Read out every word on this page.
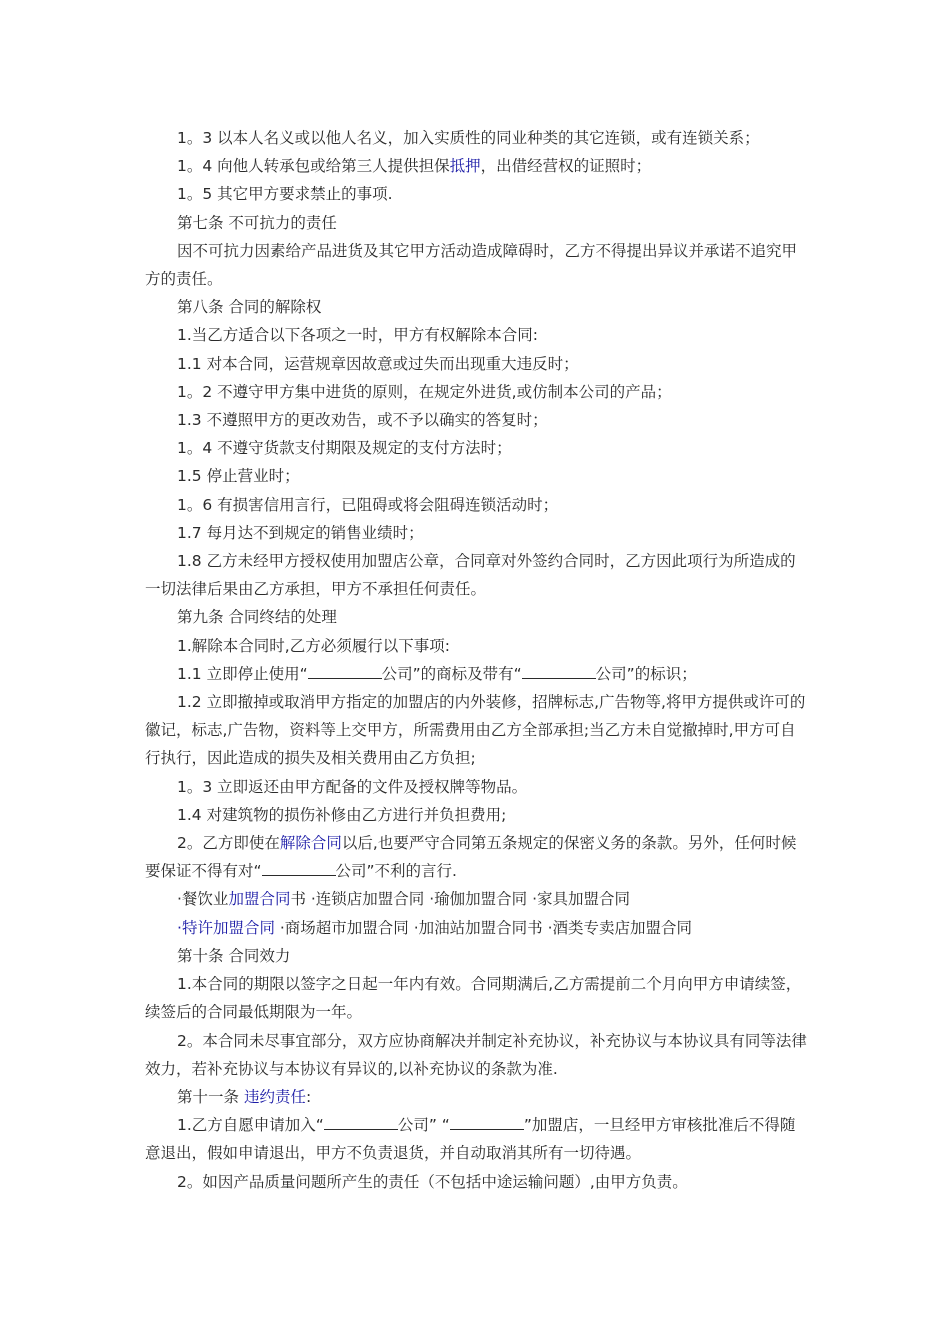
1。3 以本人名义或以他人名义，加入实质性的同业种类的其它连锁，或有连锁关系；

1。4 向他人转承包或给第三人提供担保抵押，出借经营权的证照时；

1。5 其它甲方要求禁止的事项.

第七条 不可抗力的责任

因不可抗力因素给产品进货及其它甲方活动造成障碍时，乙方不得提出异议并承诺不追究甲方的责任。

第八条 合同的解除权

1.当乙方适合以下各项之一时，甲方有权解除本合同:

1.1 对本合同，运营规章因故意或过失而出现重大违反时；

1。2 不遵守甲方集中进货的原则，在规定外进货,或仿制本公司的产品；

1.3 不遵照甲方的更改劝告，或不予以确实的答复时；

1。4 不遵守货款支付期限及规定的支付方法时；

1.5 停止营业时；

1。6 有损害信用言行，已阻碍或将会阻碍连锁活动时；

1.7 每月达不到规定的销售业绩时；

1.8 乙方未经甲方授权使用加盟店公章，合同章对外签约合同时，乙方因此项行为所造成的一切法律后果由乙方承担，甲方不承担任何责任。

第九条 合同终结的处理

1.解除本合同时,乙方必须履行以下事项:

1.1 立即停止使用“	公司”的商标及带有“	公司”的标识；

1.2 立即撤掉或取消甲方指定的加盟店的内外装修，招牌标志,广告物等,将甲方提供或许可的徽记，标志,广告物，资料等上交甲方，所需费用由乙方全部承担;当乙方未自觉撤掉时,甲方可自行执行，因此造成的损失及相关费用由乙方负担;

1。3 立即返还由甲方配备的文件及授权牌等物品。

1.4 对建筑物的损伤补修由乙方进行并负担费用;

2。乙方即使在解除合同以后,也要严守合同第五条规定的保密义务的条款。另外，任何时候要保证不得有对“	公司”不利的言行.

·餐饮业加盟合同书 ·连锁店加盟合同 ·瑜伽加盟合同 ·家具加盟合同

·特许加盟合同 ·商场超市加盟合同 ·加油站加盟合同书 ·酒类专卖店加盟合同

第十条 合同效力

1.本合同的期限以签字之日起一年内有效。合同期满后,乙方需提前二个月向甲方申请续签，续签后的合同最低期限为一年。

2。本合同未尽事宜部分，双方应协商解决并制定补充协议，补充协议与本协议具有同等法律效力，若补充协议与本协议有异议的,以补充协议的条款为准.

第十一条 违约责任:

1.乙方自愿申请加入“	公司” “	”加盟店，一旦经甲方审核批准后不得随意退出，假如申请退出，甲方不负责退货，并自动取消其所有一切待遇。

2。如因产品质量问题所产生的责任（不包括中途运输问题）,由甲方负责。
